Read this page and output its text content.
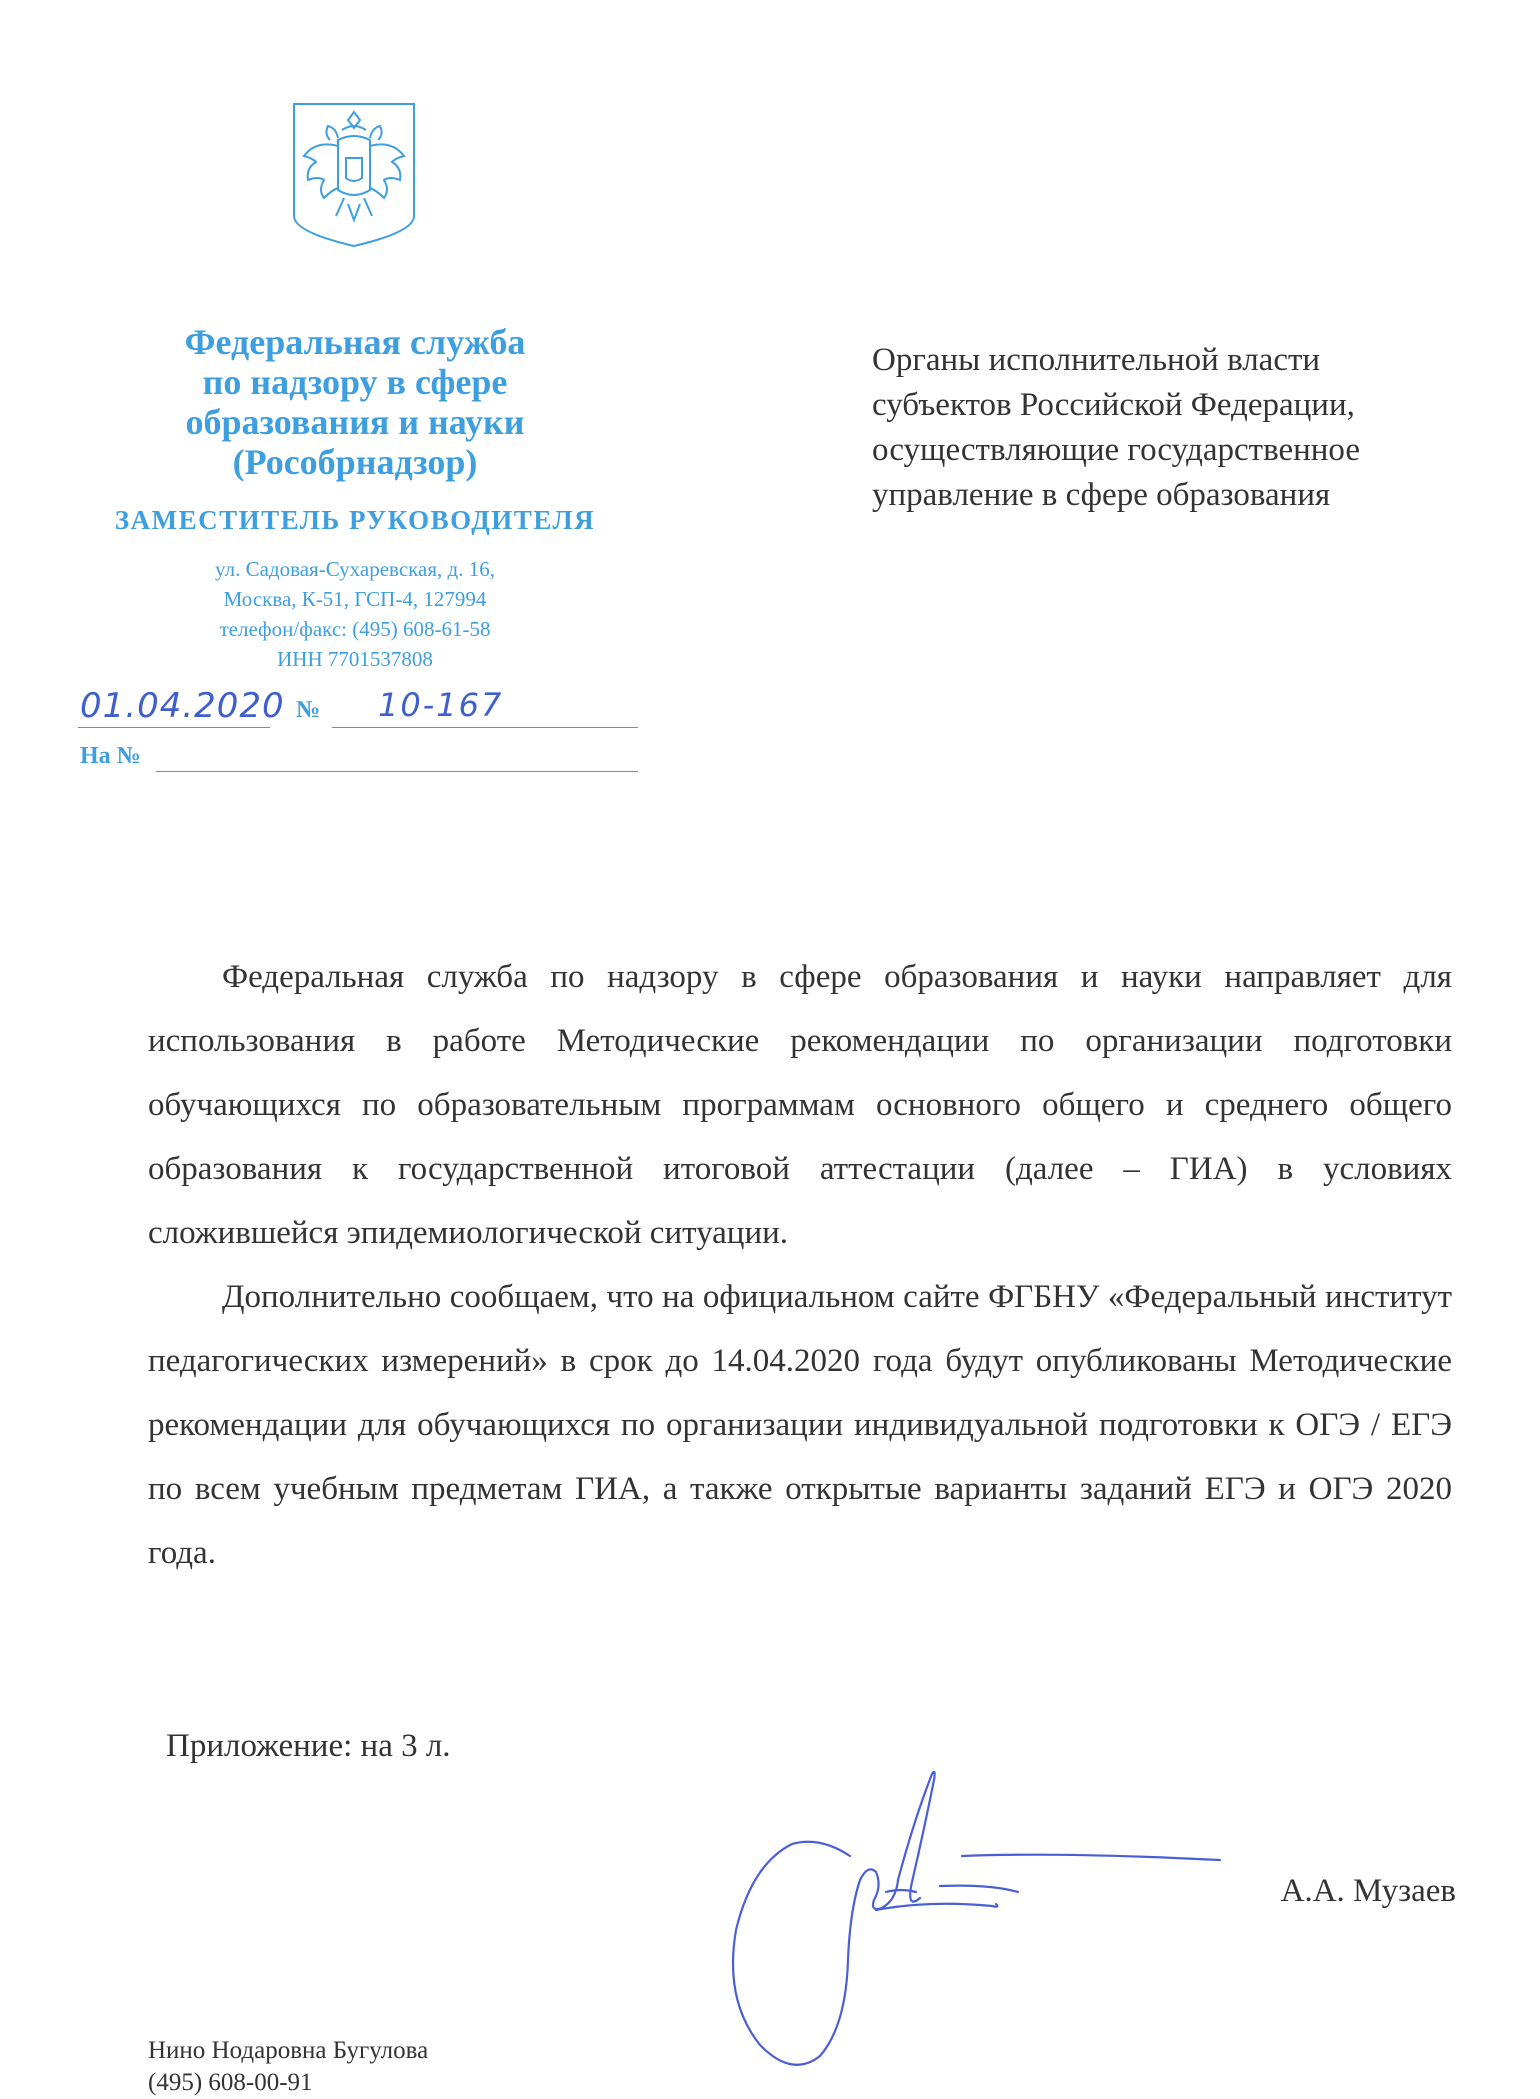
Федеральная служба
по надзору в сфере
образования и науки
(Рособрнадзор)
ЗАМЕСТИТЕЛЬ РУКОВОДИТЕЛЯ
ул. Садовая-Сухаревская, д. 16,
Москва, К-51, ГСП-4, 127994
телефон/факс: (495) 608-61-58
ИНН 7701537808
01.04.2020 № 10-167
На №
Органы исполнительной власти
субъектов Российской Федерации,
осуществляющие государственное
управление в сфере образования

Федеральная служба по надзору в сфере образования и науки направляет для использования в работе Методические рекомендации по организации подготовки обучающихся по образовательным программам основного общего и среднего общего образования к государственной итоговой аттестации (далее – ГИА) в условиях сложившейся эпидемиологической ситуации.

Дополнительно сообщаем, что на официальном сайте ФГБНУ «Федеральный институт педагогических измерений» в срок до 14.04.2020 года будут опубликованы Методические рекомендации для обучающихся по организации индивидуальной подготовки к ОГЭ / ЕГЭ по всем учебным предметам ГИА, а также открытые варианты заданий ЕГЭ и ОГЭ 2020 года.

Приложение: на 3 л.
А.А. Музаев
Нино Нодаровна Бугулова
(495) 608-00-91
